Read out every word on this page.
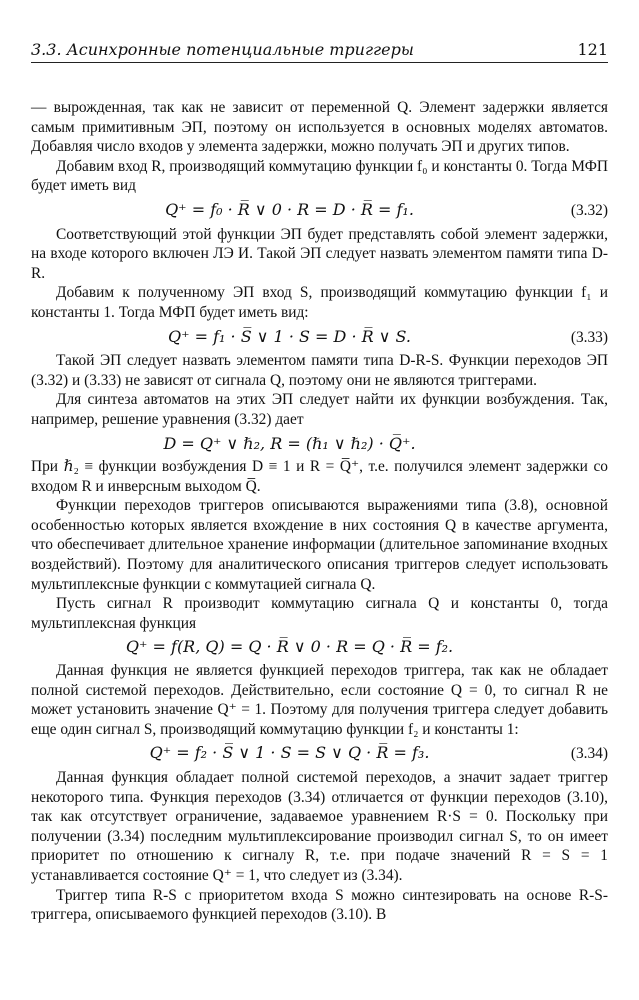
3.3. Асинхронные потенциальные триггеры	121

— вырожденная, так как не зависит от переменной Q. Элемент задержки является самым примитивным ЭП, поэтому он используется в основных моделях автоматов. Добавляя число входов у элемента задержки, можно получать ЭП и других типов.

Добавим вход R, производящий коммутацию функции f₀ и константы 0. Тогда МФП будет иметь вид

Q⁺ = f₀ · R̅ ∨ 0 · R = D · R̅ = f₁.	(3.32)

Соответствующий этой функции ЭП будет представлять собой элемент задержки, на входе которого включен ЛЭ И. Такой ЭП следует назвать элементом памяти типа D-R.

Добавим к полученному ЭП вход S, производящий коммутацию функции f₁ и константы 1. Тогда МФП будет иметь вид:

Q⁺ = f₁ · S̅ ∨ 1 · S = D · R̅ ∨ S.	(3.33)

Такой ЭП следует назвать элементом памяти типа D-R-S. Функции переходов ЭП (3.32) и (3.33) не зависят от сигнала Q, поэтому они не являются триггерами.

Для синтеза автоматов на этих ЭП следует найти их функции возбуждения. Так, например, решение уравнения (3.32) дает

D = Q⁺ ∨ ℏ₂, R = (ℏ₁ ∨ ℏ₂) · Q̅⁺.

При ℏ₂ ≡ функции возбуждения D ≡ 1 и R = Q̅⁺, т.е. получился элемент задержки со входом R и инверсным выходом Q̅.

Функции переходов триггеров описываются выражениями типа (3.8), основной особенностью которых является вхождение в них состояния Q в качестве аргумента, что обеспечивает длительное хранение информации (длительное запоминание входных воздействий). Поэтому для аналитического описания триггеров следует использовать мультиплексные функции с коммутацией сигнала Q.

Пусть сигнал R производит коммутацию сигнала Q и константы 0, тогда мультиплексная функция

Q⁺ = f(R, Q) = Q · R̅ ∨ 0 · R = Q · R̅ = f₂.

Данная функция не является функцией переходов триггера, так как не обладает полной системой переходов. Действительно, если состояние Q = 0, то сигнал R не может установить значение Q⁺ = 1. Поэтому для получения триггера следует добавить еще один сигнал S, производящий коммутацию функции f₂ и константы 1:

Q⁺ = f₂ · S̅ ∨ 1 · S = S ∨ Q · R̅ = f₃.	(3.34)

Данная функция обладает полной системой переходов, а значит задает триггер некоторого типа. Функция переходов (3.34) отличается от функции переходов (3.10), так как отсутствует ограничение, задаваемое уравнением R·S = 0. Поскольку при получении (3.34) последним мультиплексирование производил сигнал S, то он имеет приоритет по отношению к сигналу R, т.е. при подаче значений R = S = 1 устанавливается состояние Q⁺ = 1, что следует из (3.34).

Триггер типа R-S с приоритетом входа S можно синтезировать на основе R-S-триггера, описываемого функцией переходов (3.10). В
